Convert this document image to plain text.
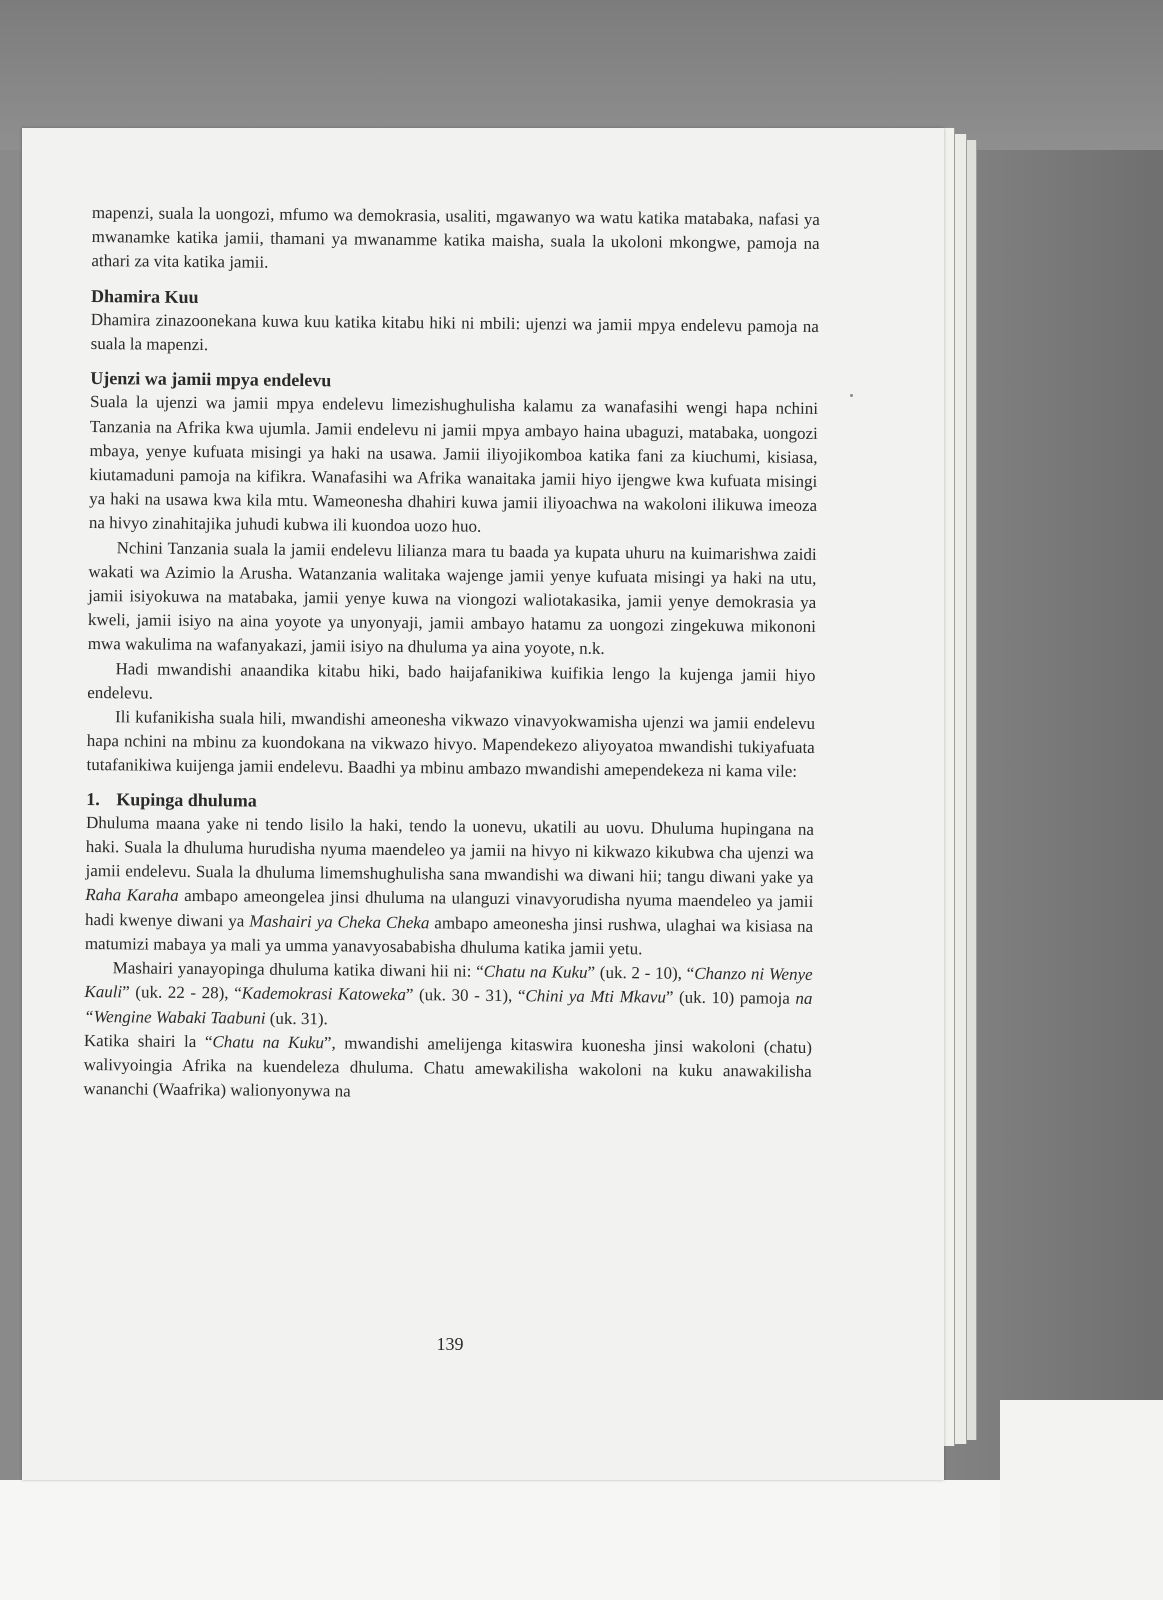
mapenzi, suala la uongozi, mfumo wa demokrasia, usaliti, mgawanyo wa watu katika matabaka, nafasi ya mwanamke katika jamii, thamani ya mwanamme katika maisha, suala la ukoloni mkongwe, pamoja na athari za vita katika jamii.

Dhamira Kuu

Dhamira zinazoonekana kuwa kuu katika kitabu hiki ni mbili: ujenzi wa jamii mpya endelevu pamoja na suala la mapenzi.

Ujenzi wa jamii mpya endelevu

Suala la ujenzi wa jamii mpya endelevu limezishughulisha kalamu za wanafasihi wengi hapa nchini Tanzania na Afrika kwa ujumla. Jamii endelevu ni jamii mpya ambayo haina ubaguzi, matabaka, uongozi mbaya, yenye kufuata misingi ya haki na usawa. Jamii iliyojikomboa katika fani za kiuchumi, kisiasa, kiutamaduni pamoja na kifikra. Wanafasihi wa Afrika wanaitaka jamii hiyo ijengwe kwa kufuata misingi ya haki na usawa kwa kila mtu. Wameonesha dhahiri kuwa jamii iliyoachwa na wakoloni ilikuwa imeoza na hivyo zinahitajika juhudi kubwa ili kuondoa uozo huo.

Nchini Tanzania suala la jamii endelevu lilianza mara tu baada ya kupata uhuru na kuimarishwa zaidi wakati wa Azimio la Arusha. Watanzania walitaka wajenge jamii yenye kufuata misingi ya haki na utu, jamii isiyokuwa na matabaka, jamii yenye kuwa na viongozi waliotakasika, jamii yenye demokrasia ya kweli, jamii isiyo na aina yoyote ya unyonyaji, jamii ambayo hatamu za uongozi zingekuwa mikononi mwa wakulima na wafanyakazi, jamii isiyo na dhuluma ya aina yoyote, n.k.

Hadi mwandishi anaandika kitabu hiki, bado haijafanikiwa kuifikia lengo la kujenga jamii hiyo endelevu.

Ili kufanikisha suala hili, mwandishi ameonesha vikwazo vinavyokwamisha ujenzi wa jamii endelevu hapa nchini na mbinu za kuondokana na vikwazo hivyo. Mapendekezo aliyoyatoa mwandishi tukiyafuata tutafanikiwa kuijenga jamii endelevu. Baadhi ya mbinu ambazo mwandishi amependekeza ni kama vile:

1. Kupinga dhuluma

Dhuluma maana yake ni tendo lisilo la haki, tendo la uonevu, ukatili au uovu. Dhuluma hupingana na haki. Suala la dhuluma hurudisha nyuma maendeleo ya jamii na hivyo ni kikwazo kikubwa cha ujenzi wa jamii endelevu. Suala la dhuluma limemshughulisha sana mwandishi wa diwani hii; tangu diwani yake ya Raha Karaha ambapo ameongelea jinsi dhuluma na ulanguzi vinavyorudisha nyuma maendeleo ya jamii hadi kwenye diwani ya Mashairi ya Cheka Cheka ambapo ameonesha jinsi rushwa, ulaghai wa kisiasa na matumizi mabaya ya mali ya umma yanavyosababisha dhuluma katika jamii yetu.

Mashairi yanayopinga dhuluma katika diwani hii ni: “Chatu na Kuku” (uk. 2 - 10), “Chanzo ni Wenye Kauli” (uk. 22 - 28), “Kademokrasi Katoweka” (uk. 30 - 31), “Chini ya Mti Mkavu” (uk. 10) pamoja na “Wengine Wabaki Taabuni (uk. 31).

Katika shairi la “Chatu na Kuku”, mwandishi amelijenga kitaswira kuonesha jinsi wakoloni (chatu) walivyoingia Afrika na kuendeleza dhuluma. Chatu amewakilisha wakoloni na kuku anawakilisha wananchi (Waafrika) walionyonywa na

139
